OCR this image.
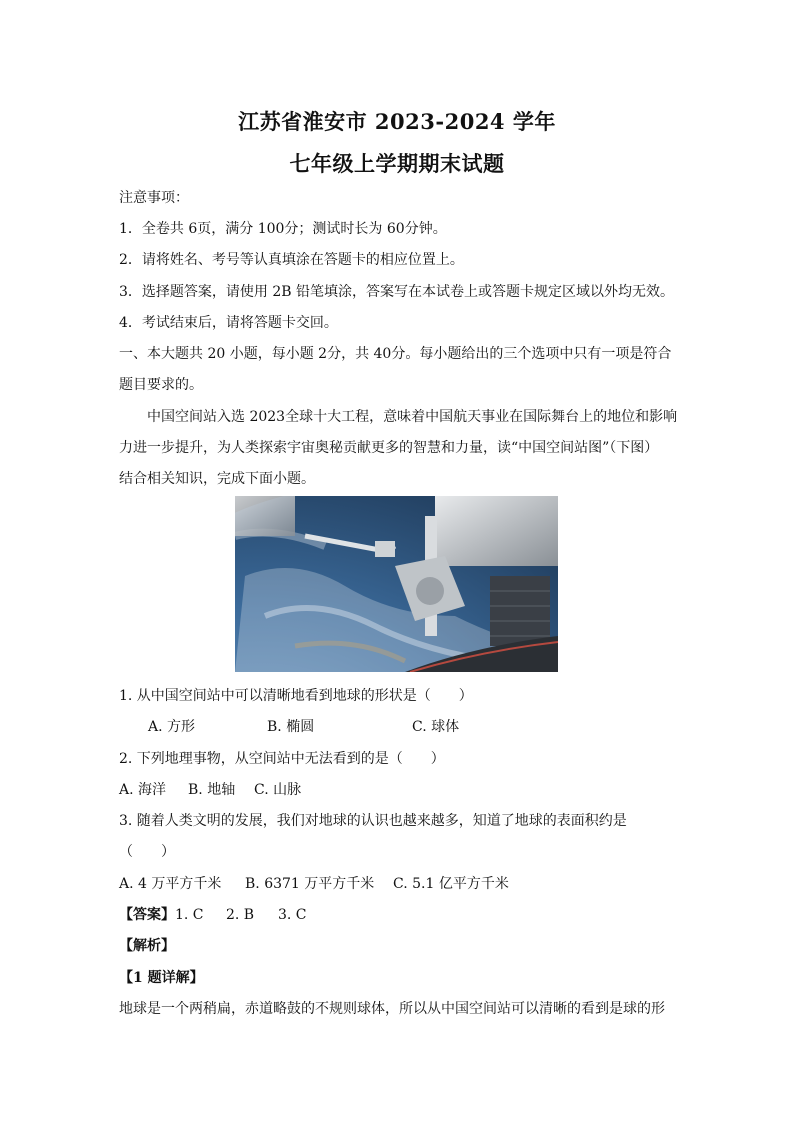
江苏省淮安市 2023-2024 学年
七年级上学期期末试题
注意事项：
1．全卷共 6页，满分 100分；测试时长为 60分钟。
2．请将姓名、考号等认真填涂在答题卡的相应位置上。
3．选择题答案，请使用 2B 铅笔填涂，答案写在本试卷上或答题卡规定区域以外均无效。
4．考试结束后，请将答题卡交回。
一、本大题共 20 小题，每小题 2分，共 40分。每小题给出的三个选项中只有一项是符合
题目要求的。
中国空间站入选 2023全球十大工程，意味着中国航天事业在国际舞台上的地位和影响
力进一步提升，为人类探索宇宙奥秘贡献更多的智慧和力量，读“中国空间站图”（下图）
结合相关知识，完成下面小题。
1. 从中国空间站中可以清晰地看到地球的形状是（　　）
A. 方形	B. 椭圆	C. 球体
2. 下列地理事物，从空间站中无法看到的是（　　）
A. 海洋 B. 地轴 C. 山脉
3. 随着人类文明的发展，我们对地球的认识也越来越多，知道了地球的表面积约是
（　　）
A. 4 万平方千米 B. 6371 万平方千米 C. 5.1 亿平方千米
【答案】1. C 2. B 3. C
【解析】
【1 题详解】
地球是一个两稍扁，赤道略鼓的不规则球体，所以从中国空间站可以清晰的看到是球的形
